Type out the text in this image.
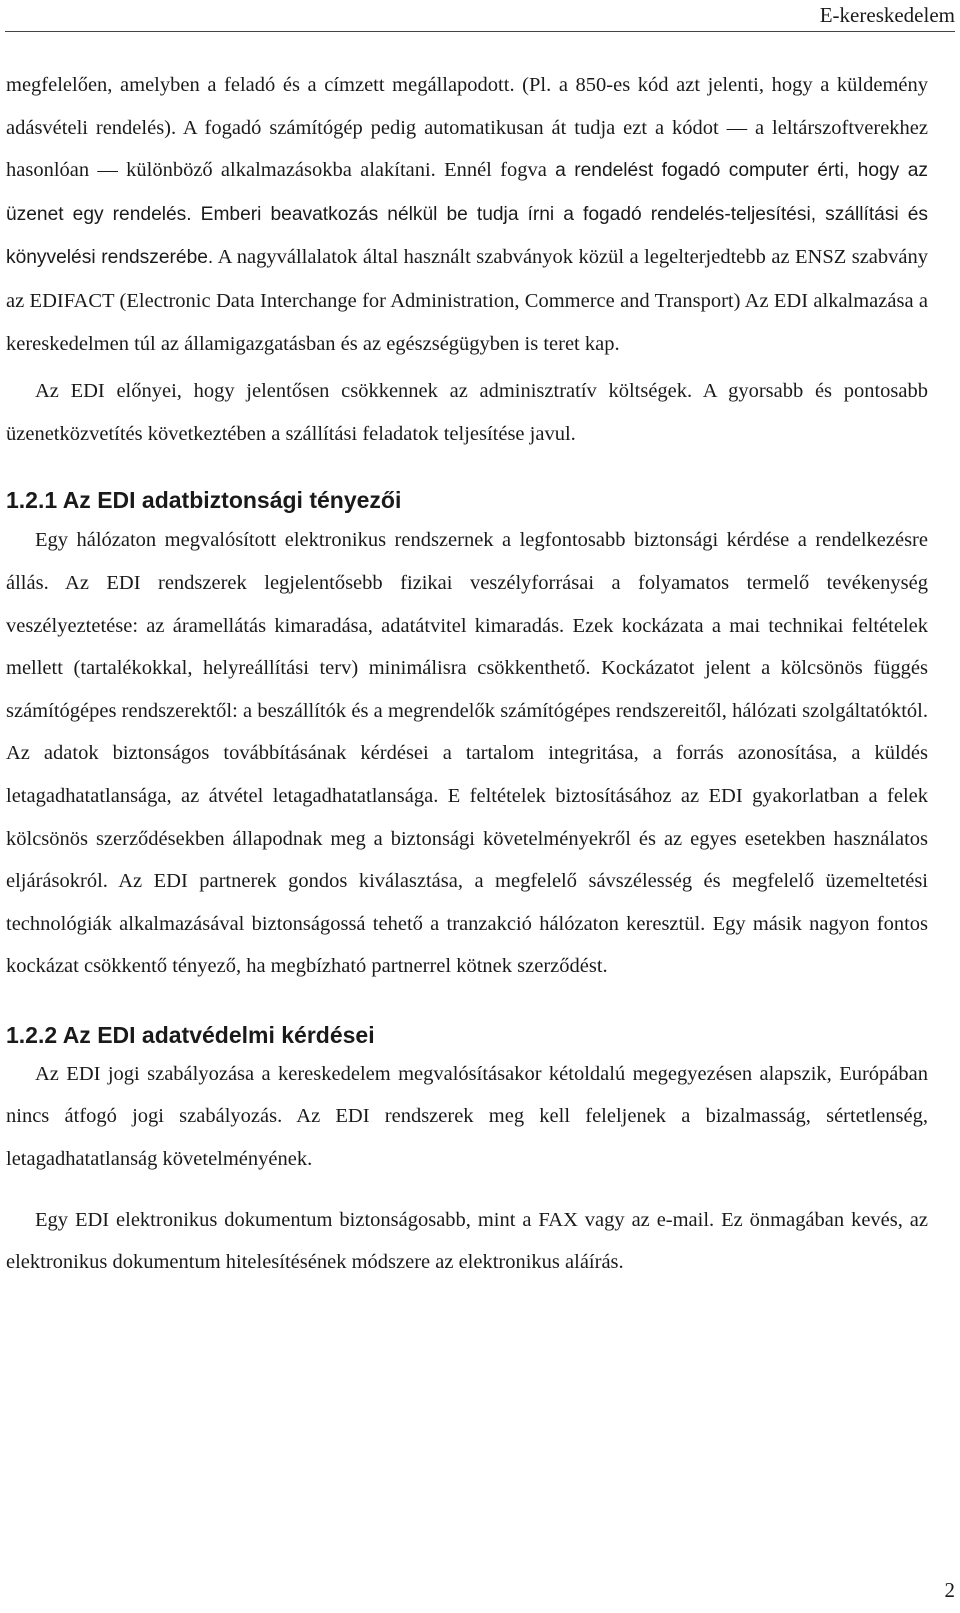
E-kereskedelem

megfelelően, amelyben a feladó és a címzett megállapodott. (Pl. a 850-es kód azt jelenti, hogy a küldemény adásvételi rendelés). A fogadó számítógép pedig automatikusan át tudja ezt a kódot — a leltárszoftverekhez hasonlóan — különböző alkalmazásokba alakítani. Ennél fogva a rendelést fogadó computer érti, hogy az üzenet egy rendelés. Emberi beavatkozás nélkül be tudja írni a fogadó rendelés-teljesítési, szállítási és könyvelési rendszerébe. A nagyvállalatok által használt szabványok közül a legelterjedtebb az ENSZ szabvány az EDIFACT (Electronic Data Interchange for Administration, Commerce and Transport) Az EDI alkalmazása a kereskedelmen túl az államigazgatásban és az egészségügyben is teret kap.

Az EDI előnyei, hogy jelentősen csökkennek az adminisztratív költségek. A gyorsabb és pontosabb üzenetközvetítés következtében a szállítási feladatok teljesítése javul.

1.2.1 Az EDI adatbiztonsági tényezői

Egy hálózaton megvalósított elektronikus rendszernek a legfontosabb biztonsági kérdése a rendelkezésre állás. Az EDI rendszerek legjelentősebb fizikai veszélyforrásai a folyamatos termelő tevékenység veszélyeztetése: az áramellátás kimaradása, adatátvitel kimaradás. Ezek kockázata a mai technikai feltételek mellett (tartalékokkal, helyreállítási terv) minimálisra csökkenthető. Kockázatot jelent a kölcsönös függés számítógépes rendszerektől: a beszállítók és a megrendelők számítógépes rendszereitől, hálózati szolgáltatóktól. Az adatok biztonságos továbbításának kérdései a tartalom integritása, a forrás azonosítása, a küldés letagadhatatlansága, az átvétel letagadhatatlansága. E feltételek biztosításához az EDI gyakorlatban a felek kölcsönös szerződésekben állapodnak meg a biztonsági követelményekről és az egyes esetekben használatos eljárásokról. Az EDI partnerek gondos kiválasztása, a megfelelő sávszélesség és megfelelő üzemeltetési technológiák alkalmazásával biztonságossá tehető a tranzakció hálózaton keresztül. Egy másik nagyon fontos kockázat csökkentő tényező, ha megbízható partnerrel kötnek szerződést.

1.2.2 Az EDI adatvédelmi kérdései

Az EDI jogi szabályozása a kereskedelem megvalósításakor kétoldalú megegyezésen alapszik, Európában nincs átfogó jogi szabályozás. Az EDI rendszerek meg kell feleljenek a bizalmasság, sértetlenség, letagadhatatlanság követelményének.

Egy EDI elektronikus dokumentum biztonságosabb, mint a FAX vagy az e-mail. Ez önmagában kevés, az elektronikus dokumentum hitelesítésének módszere az elektronikus aláírás.

2
